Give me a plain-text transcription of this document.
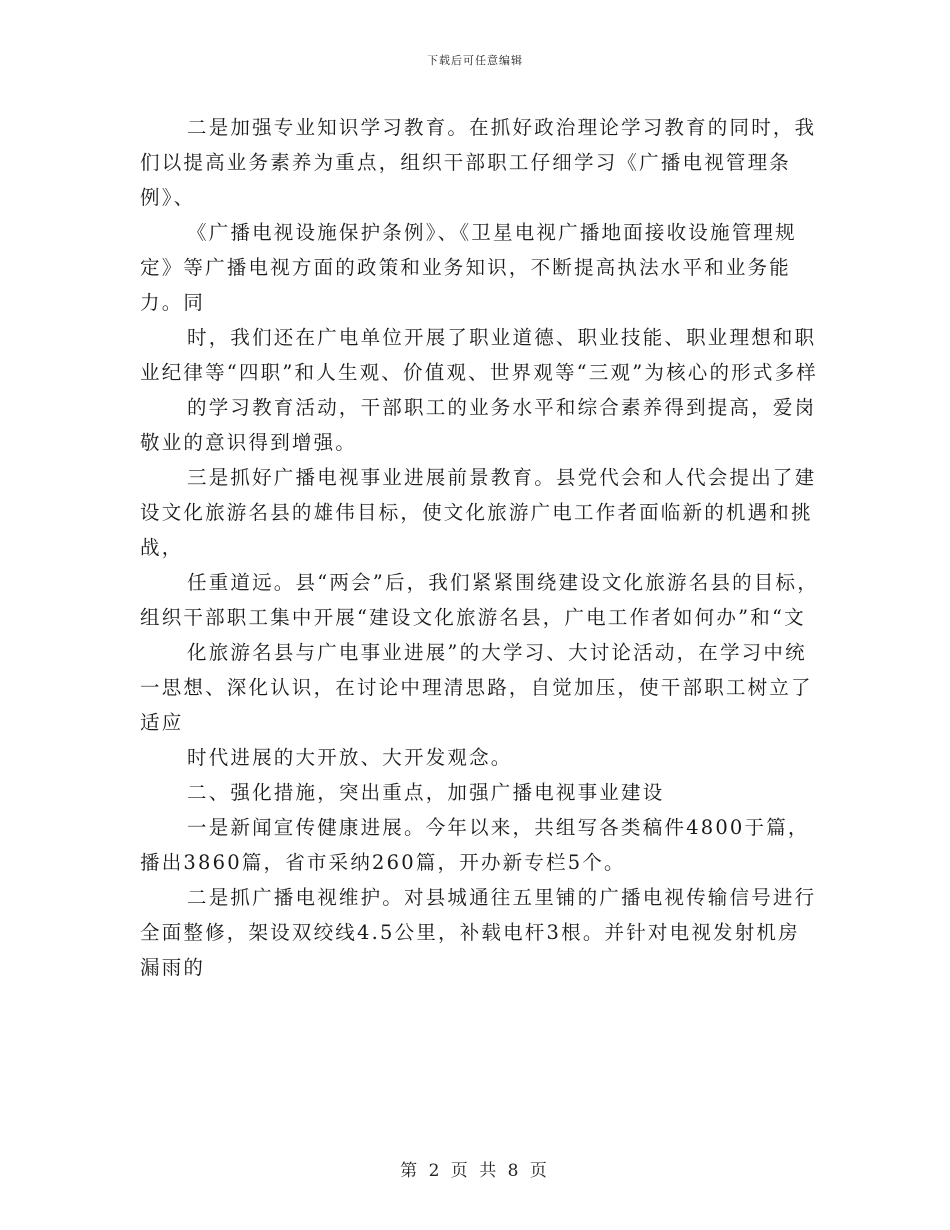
下载后可任意编辑

二是加强专业知识学习教育。在抓好政治理论学习教育的同时，我们以提高业务素养为重点，组织干部职工仔细学习《广播电视管理条例》、

《广播电视设施保护条例》、《卫星电视广播地面接收设施管理规定》等广播电视方面的政策和业务知识，不断提高执法水平和业务能力。同

时，我们还在广电单位开展了职业道德、职业技能、职业理想和职业纪律等“四职”和人生观、价值观、世界观等“三观”为核心的形式多样

的学习教育活动，干部职工的业务水平和综合素养得到提高，爱岗敬业的意识得到增强。

三是抓好广播电视事业进展前景教育。县党代会和人代会提出了建设文化旅游名县的雄伟目标，使文化旅游广电工作者面临新的机遇和挑战，

任重道远。县“两会”后，我们紧紧围绕建设文化旅游名县的目标，组织干部职工集中开展“建设文化旅游名县，广电工作者如何办”和“文

化旅游名县与广电事业进展”的大学习、大讨论活动，在学习中统一思想、深化认识，在讨论中理清思路，自觉加压，使干部职工树立了适应

时代进展的大开放、大开发观念。

二、强化措施，突出重点，加强广播电视事业建设

一是新闻宣传健康进展。今年以来，共组写各类稿件4800于篇，播出3860篇，省市采纳260篇，开办新专栏5个。

二是抓广播电视维护。对县城通往五里铺的广播电视传输信号进行全面整修，架设双绞线4.5公里，补载电杆3根。并针对电视发射机房漏雨的

第 2 页 共 8 页
